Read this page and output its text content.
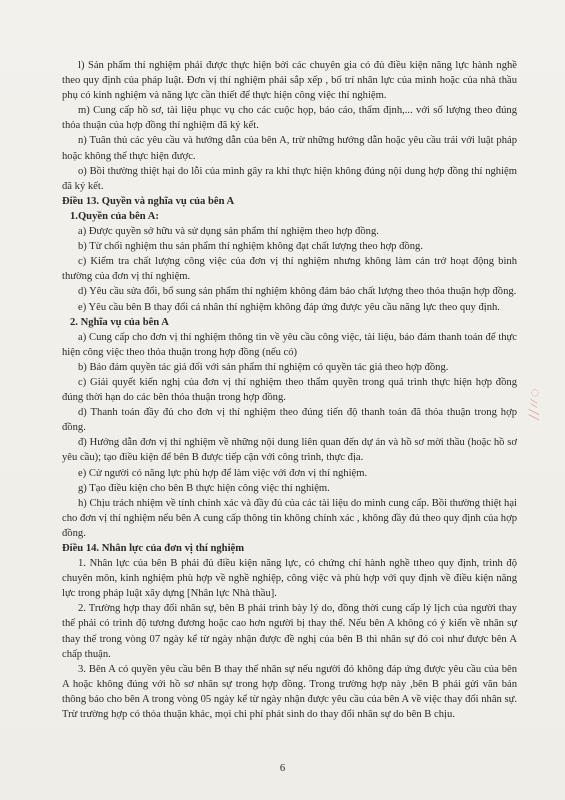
l) Sản phẩm thí nghiệm phải được thực hiện bởi các chuyên gia có đủ điều kiện năng lực hành nghề theo quy định của pháp luật. Đơn vị thí nghiệm phải sắp xếp , bố trí nhân lực của mình hoặc của nhà thầu phụ có kinh nghiệm và năng lực cần thiết để thực hiện công việc thí nghiệm.

m) Cung cấp hồ sơ, tài liệu phục vụ cho các cuộc họp, báo cáo, thẩm định,... với số lượng theo đúng thỏa thuận của hợp đồng thí nghiệm đã ký kết.

n) Tuân thủ các yêu cầu và hướng dẫn của bên A, trừ những hướng dẫn hoặc yêu cầu trái với luật pháp hoặc không thể thực hiện được.

o) Bồi thường thiệt hại do lỗi của mình gây ra khi thực hiện không đúng nội dung hợp đồng thí nghiệm đã ký kết.

Điều 13. Quyền và nghĩa vụ của bên A

1.Quyền của bên A:

a) Được quyền sở hữu và sử dụng sản phẩm thí nghiệm theo hợp đồng.

b) Từ chối nghiệm thu sản phẩm thí nghiệm không đạt chất lượng theo hợp đồng.

c) Kiểm tra chất lượng công việc của đơn vị thí nghiệm nhưng không làm cản trở hoạt động bình thường của đơn vị thí nghiệm.

d) Yêu cầu sửa đổi, bổ sung sản phẩm thí nghiệm không đảm bảo chất lượng theo thỏa thuận hợp đồng.

e) Yêu cầu bên B thay đổi cá nhân thí nghiệm không đáp ứng được yêu cầu năng lực theo quy định.

2. Nghĩa vụ của bên A

a) Cung cấp cho đơn vị thí nghiệm thông tin về yêu cầu công việc, tài liệu, bảo đảm thanh toán để thực hiện công việc theo thỏa thuận trong hợp đồng (nếu có)

b) Bảo đảm quyền tác giả đối với sản phẩm thí nghiệm có quyền tác giả theo hợp đồng.

c) Giải quyết kiến nghị của đơn vị thí nghiệm theo thẩm quyền trong quá trình thực hiện hợp đồng đúng thời hạn do các bên thỏa thuận trong hợp đồng.

d) Thanh toán đầy đủ cho đơn vị thí nghiệm theo đúng tiến độ thanh toán đã thỏa thuận trong hợp đồng.

đ) Hướng dẫn đơn vị thí nghiệm về những nội dung liên quan đến dự án và hồ sơ mời thầu (hoặc hồ sơ yêu cầu); tạo điều kiện để bên B được tiếp cận với công trình, thực địa.

e) Cử người có năng lực phù hợp để làm việc với đơn vị thí nghiệm.

g) Tạo điều kiện cho bên B thực hiện công việc thí nghiệm.

h) Chịu trách nhiệm về tính chính xác và đầy đủ của các tài liệu do mình cung cấp. Bồi thường thiệt hại cho đơn vị thí nghiệm nếu bên A cung cấp thông tin không chính xác , không đầy đủ theo quy định của hợp đồng.

Điều 14. Nhân lực của đơn vị thí nghiệm

1. Nhân lực của bên B phải đủ điều kiện năng lực, có chứng chỉ hành nghề ttheo quy định, trình độ chuyên môn, kinh nghiệm phù hợp về nghề nghiệp, công việc và phù hợp với quy định về điều kiện năng lực trong pháp luật xây dựng [Nhân lực Nhà thầu].

2. Trường hợp thay đổi nhân sự, bên B phải trình bày lý do, đồng thời cung cấp lý lịch của người thay thế phải có trình độ tương đương hoặc cao hơn người bị thay thế. Nếu bên A không có ý kiến về nhân sự thay thế trong vòng 07 ngày kể từ ngày nhận được đề nghị của bên B thì nhân sự đó coi như được bên A chấp thuận.

3. Bên A có quyền yêu cầu bên B thay thế nhân sự nếu người đó không đáp ứng được yêu cầu của bên A hoặc không đúng với hồ sơ nhân sự trong hợp đồng. Trong trường hợp này ,bên B phải gửi văn bản thông báo cho bên A trong vòng 05 ngày kể từ ngày nhận được yêu cầu của bên A về việc thay đổi nhân sự. Trừ trường hợp có thỏa thuận khác, mọi chi phí phát sinh do thay đổi nhân sự do bên B chịu.

6
╱╱ ⁄ ⁄ ◌
